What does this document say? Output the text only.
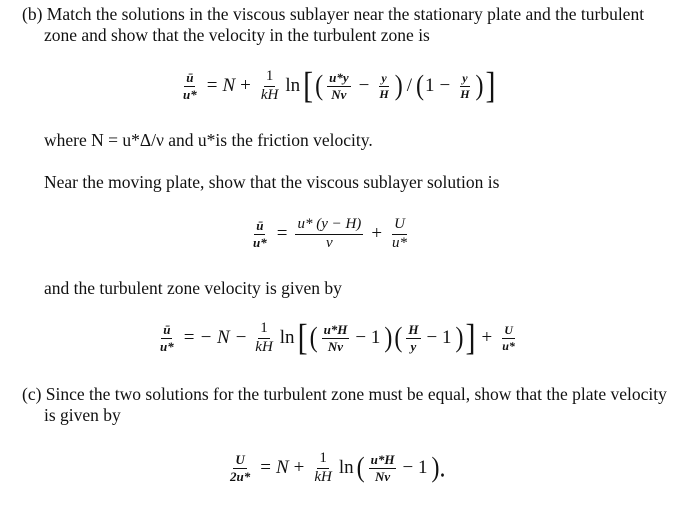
(b) Match the solutions in the viscous sublayer near the stationary plate and the turbulent
zone and show that the velocity in the turbulent zone is
$\frac{ū}{u*} = N + \frac{1}{kH}$ ln [ ( $\frac{u*y}{N\nu} - \frac{y}{H}$ ) / ( $1 - \frac{y}{H}$ ) ]
where N = u*Δ/ν and u*is the friction velocity.
Near the moving plate, show that the viscous sublayer solution is
$\frac{ū}{u*} = \frac{u* (y - H)}{\nu} + \frac{U}{u*}$
and the turbulent zone velocity is given by
$\frac{ū}{u*}$ = − $N - \frac{1}{kH}$ ln [ ( $\frac{u*H}{N\nu} - 1$ ) ( $\frac{H}{y} - 1$ ) ] + $\frac{U}{u*}$
(c) Since the two solutions for the turbulent zone must be equal, show that the plate velocity
is given by
$\frac{U}{2u*} = N + \frac{1}{kH}$ ln ( $\frac{u*H}{N\nu} - 1$ ).
